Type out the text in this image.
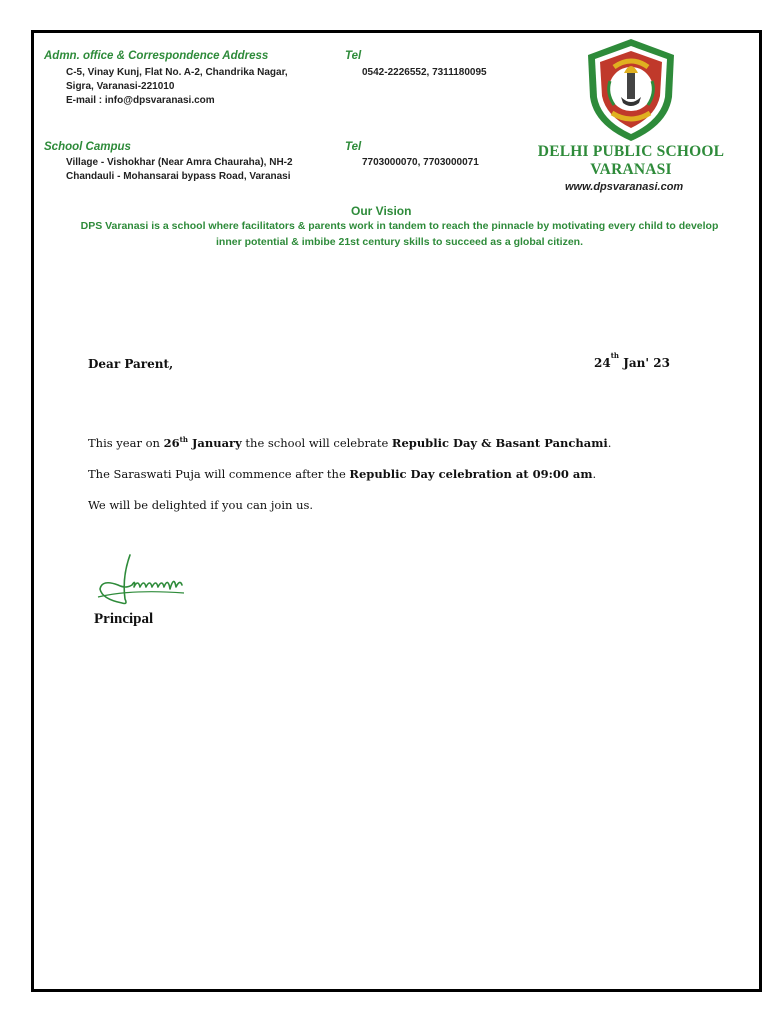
Admn. office & Correspondence Address
C-5, Vinay Kunj, Flat No. A-2, Chandrika Nagar,
Sigra, Varanasi-221010
E-mail : info@dpsvaranasi.com
Tel
0542-2226552, 7311180095
School Campus
Village - Vishokhar (Near Amra Chauraha), NH-2
Chandauli - Mohansarai bypass Road, Varanasi
Tel
7703000070, 7703000071
DELHI PUBLIC SCHOOL
VARANASI
www.dpsvaranasi.com
Our Vision
DPS Varanasi is a school where facilitators & parents work in tandem to reach the pinnacle by motivating every child to develop
inner potential & imbibe 21st century skills to succeed as a global citizen.
Dear Parent,	24th Jan' 23
This year on 26th January the school will celebrate Republic Day & Basant Panchami.
The Saraswati Puja will commence after the Republic Day celebration at 09:00 am.
We will be delighted if you can join us.
Principal
